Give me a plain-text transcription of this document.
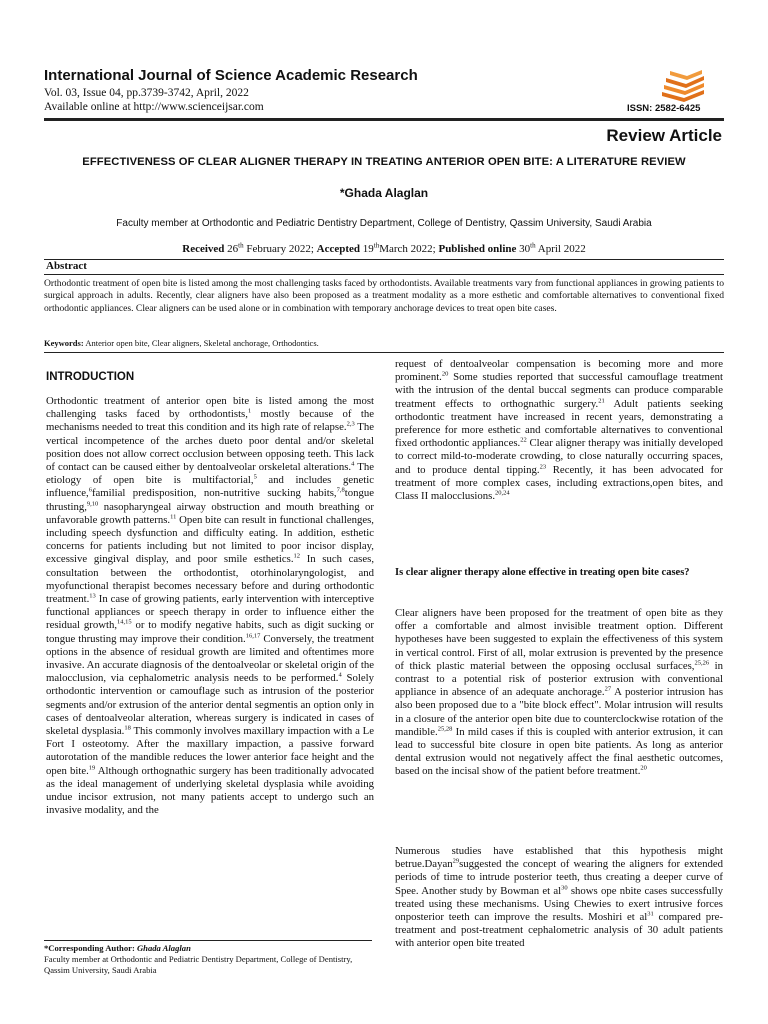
International Journal of Science Academic Research
Vol. 03, Issue 04, pp.3739-3742, April, 2022
Available online at http://www.scienceijsar.com	ISSN: 2582-6425
Review Article
EFFECTIVENESS OF CLEAR ALIGNER THERAPY IN TREATING ANTERIOR OPEN BITE: A LITERATURE REVIEW
*Ghada Alaglan
Faculty member at Orthodontic and Pediatric Dentistry Department, College of Dentistry, Qassim University, Saudi Arabia
Received 26th February 2022; Accepted 19thMarch 2022; Published online 30th April 2022
Abstract
Orthodontic treatment of open bite is listed among the most challenging tasks faced by orthodontists. Available treatments vary from functional appliances in growing patients to surgical approach in adults. Recently, clear aligners have also been proposed as a treatment modality as a more esthetic and comfortable alternatives to conventional fixed orthodontic appliances. Clear aligners can be used alone or in combination with temporary anchorage devices to treat open bite cases.
Keywords: Anterior open bite, Clear aligners, Skeletal anchorage, Orthodontics.
INTRODUCTION

Orthodontic treatment of anterior open bite is listed among the most challenging tasks faced by orthodontists,$^1$ mostly because of the mechanisms needed to treat this condition and its high rate of relapse.$^{2,3}$ The vertical incompetence of the arches dueto poor dental and/or skeletal position does not allow correct occlusion between opposing teeth. This lack of contact can be caused either by dentoalveolar orskeletal alterations.$^4$ The etiology of open bite is multifactorial,$^5$ and includes genetic influence,$^6$familial predisposition, non-nutritive sucking habits,$^{7,8}$tongue thrusting,$^{9,10}$ nasopharyngeal airway obstruction and mouth breathing or unfavorable growth patterns.$^{11}$ Open bite can result in functional challenges, including speech dysfunction and difficulty eating. In addition, esthetic concerns for patients including but not limited to poor incisor display, excessive gingival display, and poor smile esthetics.$^{12}$ In such cases, consultation between the orthodontist, otorhinolaryngologist, and myofunctional therapist becomes necessary before and during orthodontic treatment.$^{13}$ In case of growing patients, early intervention with interceptive functional appliances or speech therapy in order to influence either the residual growth,$^{14,15}$ or to modify negative habits, such as digit sucking or tongue thrusting may improve their condition.$^{16,17}$ Conversely, the treatment options in the absence of residual growth are limited and oftentimes more invasive. An accurate diagnosis of the dentoalveolar or skeletal origin of the malocclusion, via cephalometric analysis needs to be performed.$^4$ Solely orthodontic intervention or camouflage such as intrusion of the posterior segments and/or extrusion of the anterior dental segmentis an option only in cases of dentoalveolar alteration, whereas surgery is indicated in cases of skeletal dysplasia.$^{18}$ This commonly involves maxillary impaction with a Le Fort I osteotomy. After the maxillary impaction, a passive forward autorotation of the mandible reduces the lower anterior face height and the open bite.$^{19}$ Although orthognathic surgery has been traditionally advocated as the ideal management of underlying skeletal dysplasia while avoiding undue incisor extrusion, not many patients accept to undergo such an invasive modality, and the

request of dentoalveolar compensation is becoming more and more prominent.$^{20}$ Some studies reported that successful camouflage treatment with the intrusion of the dental buccal segments can produce comparable treatment effects to orthognathic surgery.$^{21}$ Adult patients seeking orthodontic treatment have increased in recent years, demonstrating a preference for more esthetic and comfortable alternatives to conventional fixed orthodontic appliances.$^{22}$ Clear aligner therapy was initially developed to correct mild-to-moderate crowding, to close naturally occurring spaces, and to produce dental tipping.$^{23}$ Recently, it has been advocated for treatment of more complex cases, including extractions,open bites, and Class II malocclusions.$^{20,24}$

Is clear aligner therapy alone effective in treating open bite cases?

Clear aligners have been proposed for the treatment of open bite as they offer a comfortable and almost invisible treatment option. Different hypotheses have been suggested to explain the effectiveness of this system in vertical control. First of all, molar extrusion is prevented by the presence of thick plastic material between the opposing occlusal surfaces,$^{25,26}$ in contrast to a potential risk of posterior extrusion with conventional appliance in absence of an adequate anchorage.$^{27}$ A posterior intrusion has also been proposed due to a "bite block effect". Molar intrusion will results in a closure of the anterior open bite due to counterclockwise rotation of the mandible.$^{25,28}$ In mild cases if this is coupled with anterior extrusion, it can lead to successful bite closure in open bite patients. As long as anterior dental extrusion would not negatively affect the final aesthetic outcomes, based on the incisal show of the patient before treatment.$^{20}$

Numerous studies have established that this hypothesis might betrue.Dayan$^{29}$suggested the concept of wearing the aligners for extended periods of time to intrude posterior teeth, thus creating a deeper curve of Spee. Another study by Bowman et $al^{30}$ shows ope nbite cases successfully treated using these mechanisms. Using Chewies to exert intrusive forces onposterior teeth can improve the results. Moshiri et $al^{31}$ compared pre-treatment and post-treatment cephalometric analysis of 30 adult patients with anterior open bite treated

*Corresponding Author: Ghada Alaglan
Faculty member at Orthodontic and Pediatric Dentistry Department, College of Dentistry, Qassim University, Saudi Arabia
